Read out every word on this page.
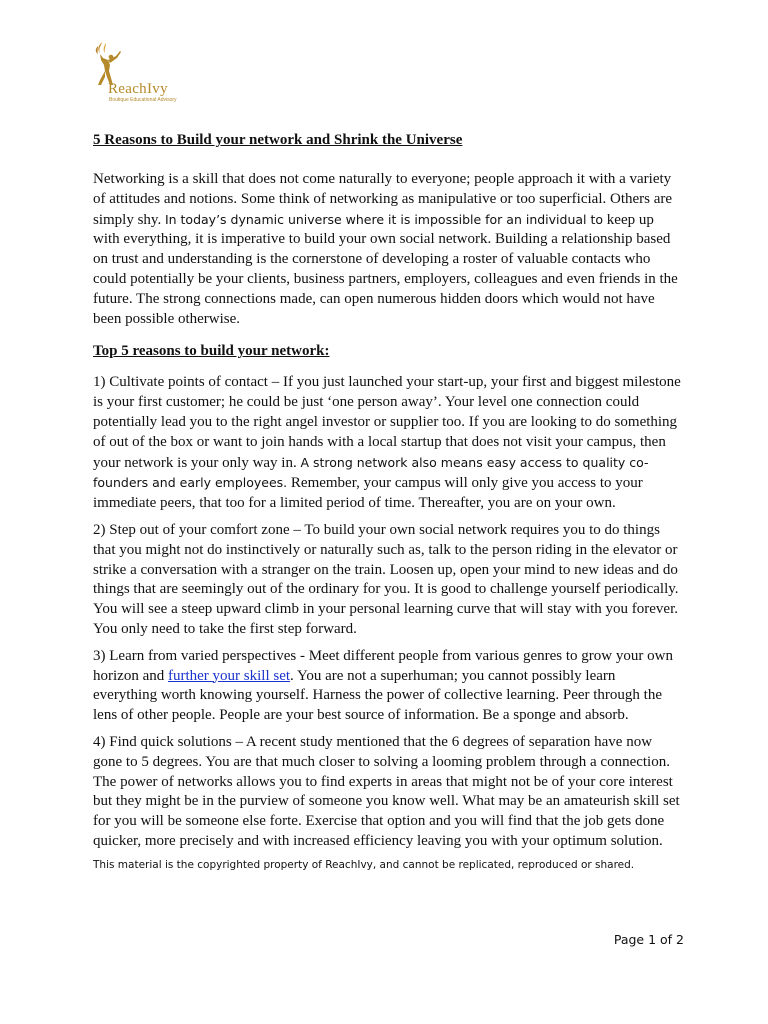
ReachIvy
Boutique Educational Advisory
5 Reasons to Build your network and Shrink the Universe

Networking is a skill that does not come naturally to everyone; people approach it with a variety of attitudes and notions. Some think of networking as manipulative or too superficial. Others are simply shy. In today’s dynamic universe where it is impossible for an individual to keep up with everything, it is imperative to build your own social network. Building a relationship based on trust and understanding is the cornerstone of developing a roster of valuable contacts who could potentially be your clients, business partners, employers, colleagues and even friends in the future. The strong connections made, can open numerous hidden doors which would not have been possible otherwise.

Top 5 reasons to build your network:

1) Cultivate points of contact – If you just launched your start-up, your first and biggest milestone is your first customer; he could be just ‘one person away’. Your level one connection could potentially lead you to the right angel investor or supplier too. If you are looking to do something of out of the box or want to join hands with a local startup that does not visit your campus, then your network is your only way in. A strong network also means easy access to quality co-founders and early employees. Remember, your campus will only give you access to your immediate peers, that too for a limited period of time. Thereafter, you are on your own.

2) Step out of your comfort zone – To build your own social network requires you to do things that you might not do instinctively or naturally such as, talk to the person riding in the elevator or strike a conversation with a stranger on the train. Loosen up, open your mind to new ideas and do things that are seemingly out of the ordinary for you. It is good to challenge yourself periodically. You will see a steep upward climb in your personal learning curve that will stay with you forever. You only need to take the first step forward.

3) Learn from varied perspectives - Meet different people from various genres to grow your own horizon and further your skill set. You are not a superhuman; you cannot possibly learn everything worth knowing yourself. Harness the power of collective learning. Peer through the lens of other people. People are your best source of information. Be a sponge and absorb.

4) Find quick solutions – A recent study mentioned that the 6 degrees of separation have now gone to 5 degrees. You are that much closer to solving a looming problem through a connection. The power of networks allows you to find experts in areas that might not be of your core interest but they might be in the purview of someone you know well. What may be an amateurish skill set for you will be someone else forte. Exercise that option and you will find that the job gets done quicker, more precisely and with increased efficiency leaving you with your optimum solution.

This material is the copyrighted property of ReachIvy, and cannot be replicated, reproduced or shared.
Page 1 of 2
